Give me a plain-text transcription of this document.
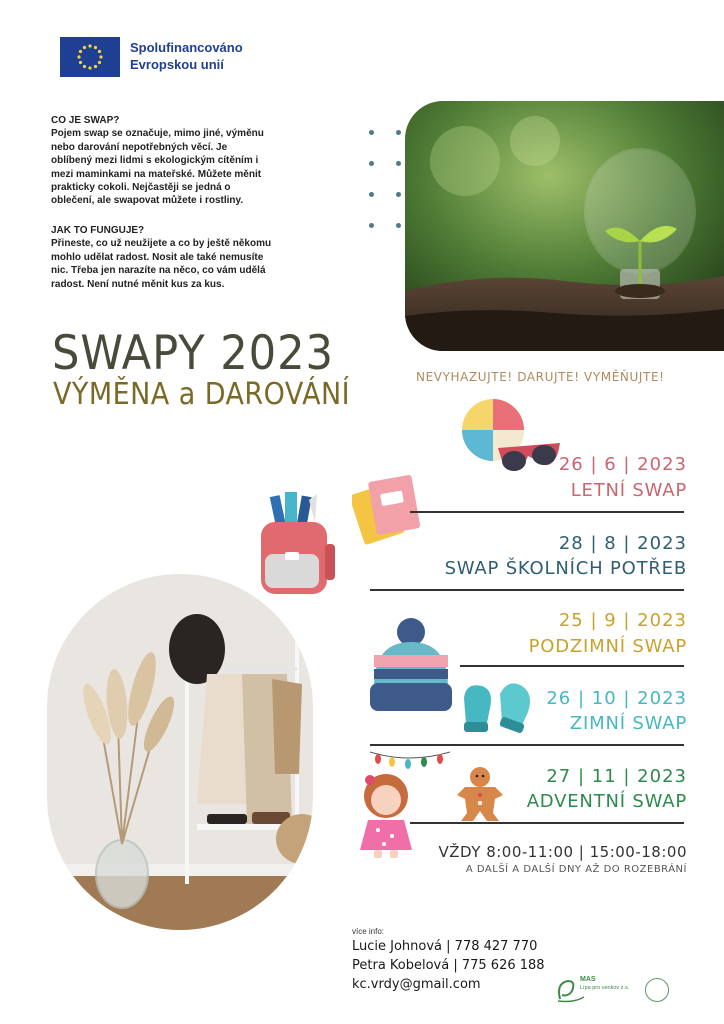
Spolufinancováno
Evropskou unií
CO JE SWAP?
Pojem swap se označuje, mimo jiné, výměnu
nebo darování nepotřebných věcí. Je
oblíbený mezi lidmi s ekologickým cítěním i
mezi maminkami na mateřské. Můžete měnit
prakticky cokoli. Nejčastěji se jedná o
oblečení, ale swapovat můžete i rostliny.
JAK TO FUNGUJE?
Přineste, co už neužijete a co by ještě někomu
mohlo udělat radost. Nosit ale také nemusíte
nic. Třeba jen narazíte na něco, co vám udělá
radost. Není nutné měnit kus za kus.
SWAPY 2023
VÝMĚNA a DAROVÁNÍ	NEVYHAZUJTE! DARUJTE! VYMĚŇUJTE!
26 | 6 | 2023
LETNÍ SWAP
28 | 8 | 2023
SWAP ŠKOLNÍCH POTŘEB
25 | 9 | 2023
PODZIMNÍ SWAP
26 | 10 | 2023
ZIMNÍ SWAP
27 | 11 | 2023
ADVENTNÍ SWAP
VŽDY 8:00-11:00 | 15:00-18:00
A DALŠÍ A DALŠÍ DNY AŽ DO ROZEBRÁNÍ
více info:
Lucie Johnová | 778 427 770
Petra Kobelová | 775 626 188
kc.vrdy@gmail.com	MAS
Lípa pro venkov z.s.
